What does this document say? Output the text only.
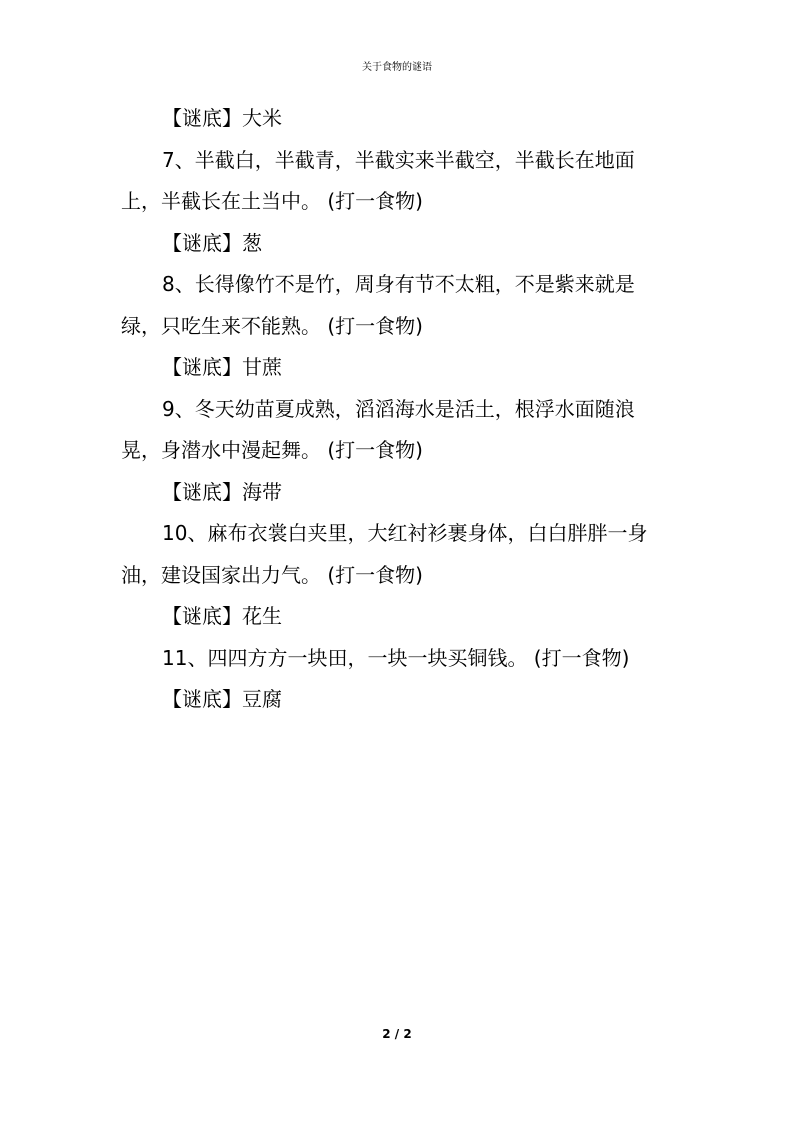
关于食物的谜语

【谜底】大米

7、半截白，半截青，半截实来半截空，半截长在地面上，半截长在土当中。 (打一食物)

【谜底】葱

8、长得像竹不是竹，周身有节不太粗，不是紫来就是绿，只吃生来不能熟。 (打一食物)

【谜底】甘蔗

9、冬天幼苗夏成熟，滔滔海水是活土，根浮水面随浪晃，身潜水中漫起舞。 (打一食物)

【谜底】海带

10、麻布衣裳白夹里，大红衬衫裹身体，白白胖胖一身油，建设国家出力气。 (打一食物)

【谜底】花生

11、四四方方一块田，一块一块买铜钱。 (打一食物)

【谜底】豆腐

2 / 2
